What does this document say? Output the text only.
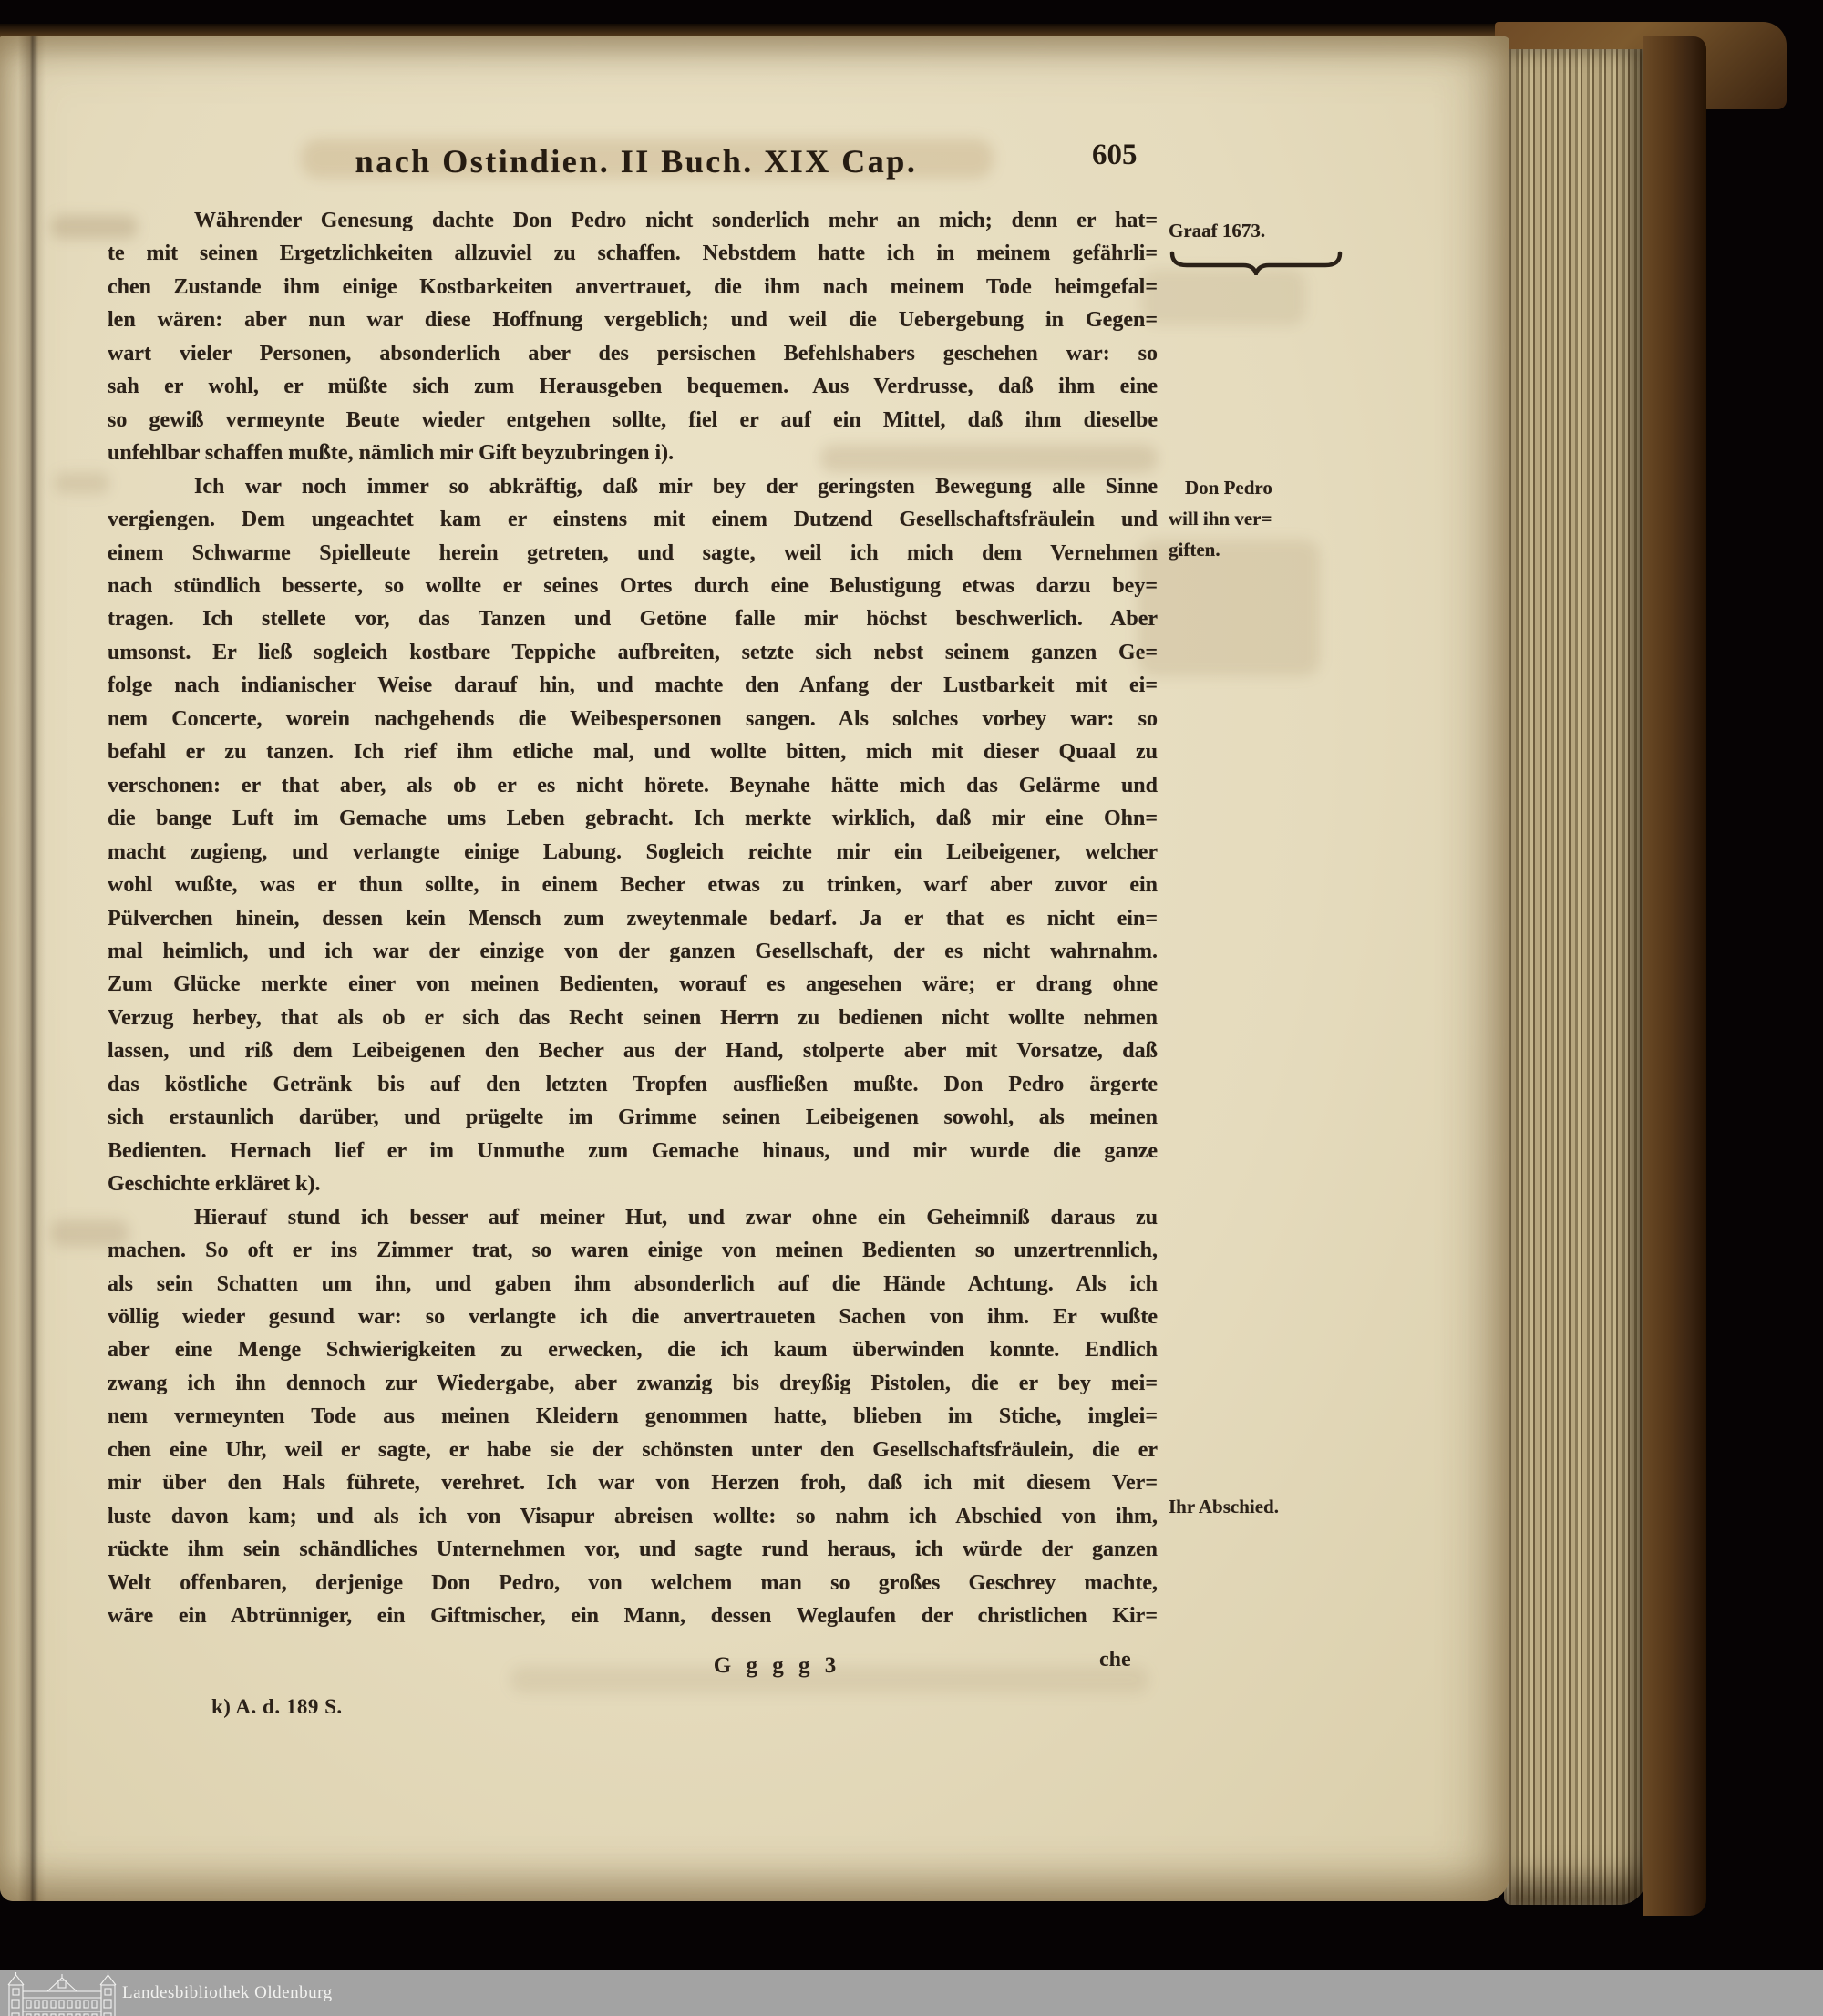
nach Ostindien. II Buch. XIX Cap.	605
Währender Genesung dachte Don Pedro nicht sonderlich mehr an mich; denn er hat=
te mit seinen Ergetzlichkeiten allzuviel zu schaffen. Nebstdem hatte ich in meinem gefährli=
chen Zustande ihm einige Kostbarkeiten anvertrauet, die ihm nach meinem Tode heimgefal=
len wären: aber nun war diese Hoffnung vergeblich; und weil die Uebergebung in Gegen=
wart vieler Personen, absonderlich aber des persischen Befehlshabers geschehen war: so
sah er wohl, er müßte sich zum Herausgeben bequemen. Aus Verdrusse, daß ihm eine
so gewiß vermeynte Beute wieder entgehen sollte, fiel er auf ein Mittel, daß ihm dieselbe
unfehlbar schaffen mußte, nämlich mir Gift beyzubringen i).
Ich war noch immer so abkräftig, daß mir bey der geringsten Bewegung alle Sinne
vergiengen. Dem ungeachtet kam er einstens mit einem Dutzend Gesellschaftsfräulein und
einem Schwarme Spielleute herein getreten, und sagte, weil ich mich dem Vernehmen
nach stündlich besserte, so wollte er seines Ortes durch eine Belustigung etwas darzu bey=
tragen. Ich stellete vor, das Tanzen und Getöne falle mir höchst beschwerlich. Aber
umsonst. Er ließ sogleich kostbare Teppiche aufbreiten, setzte sich nebst seinem ganzen Ge=
folge nach indianischer Weise darauf hin, und machte den Anfang der Lustbarkeit mit ei=
nem Concerte, worein nachgehends die Weibespersonen sangen. Als solches vorbey war: so
befahl er zu tanzen. Ich rief ihm etliche mal, und wollte bitten, mich mit dieser Quaal zu
verschonen: er that aber, als ob er es nicht hörete. Beynahe hätte mich das Gelärme und
die bange Luft im Gemache ums Leben gebracht. Ich merkte wirklich, daß mir eine Ohn=
macht zugieng, und verlangte einige Labung. Sogleich reichte mir ein Leibeigener, welcher
wohl wußte, was er thun sollte, in einem Becher etwas zu trinken, warf aber zuvor ein
Pülverchen hinein, dessen kein Mensch zum zweytenmale bedarf. Ja er that es nicht ein=
mal heimlich, und ich war der einzige von der ganzen Gesellschaft, der es nicht wahrnahm.
Zum Glücke merkte einer von meinen Bedienten, worauf es angesehen wäre; er drang ohne
Verzug herbey, that als ob er sich das Recht seinen Herrn zu bedienen nicht wollte nehmen
lassen, und riß dem Leibeigenen den Becher aus der Hand, stolperte aber mit Vorsatze, daß
das köstliche Getränk bis auf den letzten Tropfen ausfließen mußte. Don Pedro ärgerte
sich erstaunlich darüber, und prügelte im Grimme seinen Leibeigenen sowohl, als meinen
Bedienten. Hernach lief er im Unmuthe zum Gemache hinaus, und mir wurde die ganze
Geschichte erkläret k).
Hierauf stund ich besser auf meiner Hut, und zwar ohne ein Geheimniß daraus zu
machen. So oft er ins Zimmer trat, so waren einige von meinen Bedienten so unzertrennlich,
als sein Schatten um ihn, und gaben ihm absonderlich auf die Hände Achtung. Als ich
völlig wieder gesund war: so verlangte ich die anvertraueten Sachen von ihm. Er wußte
aber eine Menge Schwierigkeiten zu erwecken, die ich kaum überwinden konnte. Endlich
zwang ich ihn dennoch zur Wiedergabe, aber zwanzig bis dreyßig Pistolen, die er bey mei=
nem vermeynten Tode aus meinen Kleidern genommen hatte, blieben im Stiche, imglei=
chen eine Uhr, weil er sagte, er habe sie der schönsten unter den Gesellschaftsfräulein, die er
mir über den Hals führete, verehret. Ich war von Herzen froh, daß ich mit diesem Ver=
luste davon kam; und als ich von Visapur abreisen wollte: so nahm ich Abschied von ihm,
rückte ihm sein schändliches Unternehmen vor, und sagte rund heraus, ich würde der ganzen
Welt offenbaren, derjenige Don Pedro, von welchem man so großes Geschrey machte,
wäre ein Abtrünniger, ein Giftmischer, ein Mann, dessen Weglaufen der christlichen Kir=
Graaf 1673.
Don Pedro
will ihn ver=
giften.
Ihr Abschied.
G g g g 3	che
k) A. d. 189 S.
Landesbibliothek Oldenburg
